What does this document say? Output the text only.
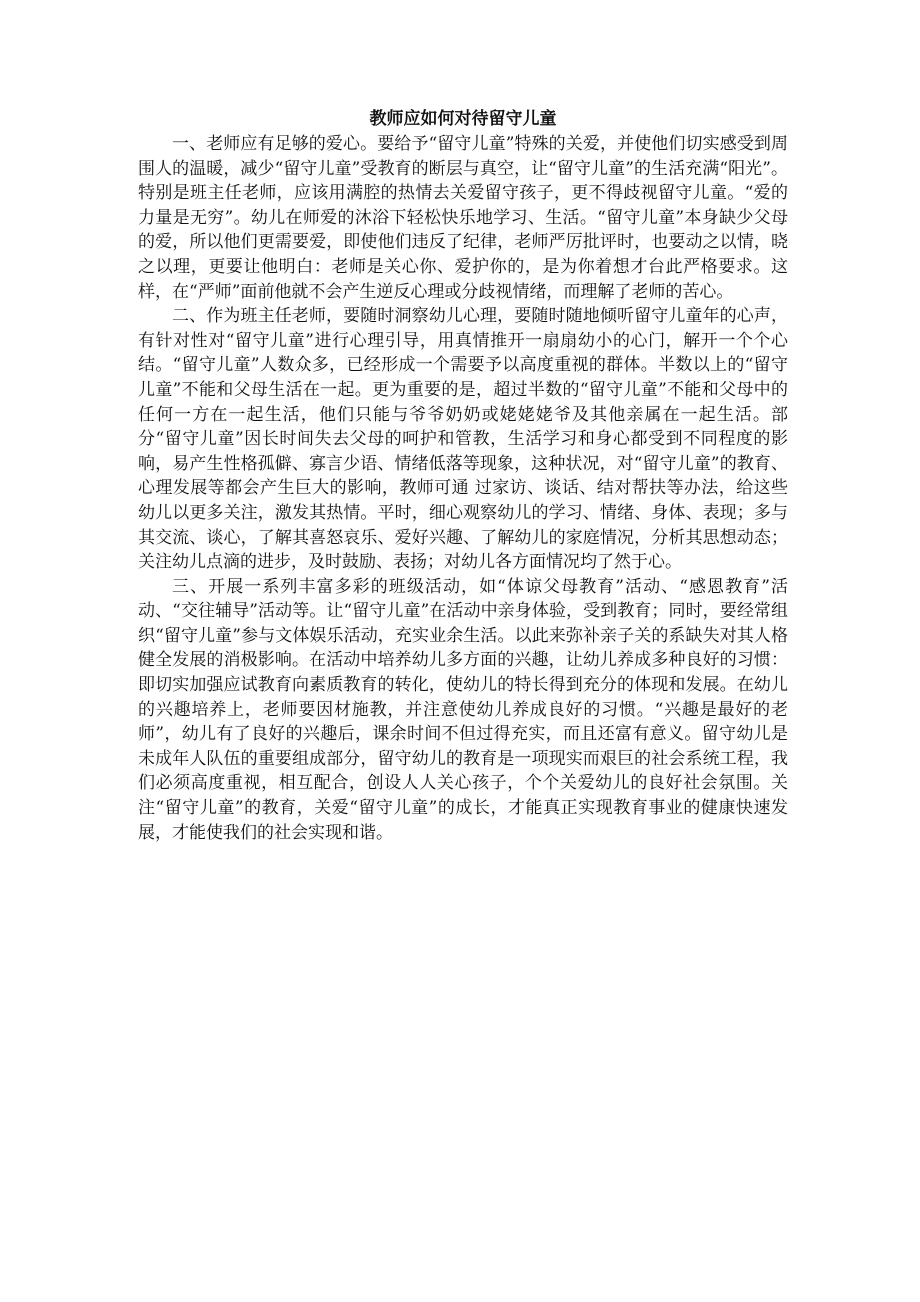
教师应如何对待留守儿童

一、老师应有足够的爱心。要给予“留守儿童”特殊的关爱，并使他们切实感受到周围人的温暖，减少“留守儿童”受教育的断层与真空，让“留守儿童”的生活充满“阳光”。特别是班主任老师，应该用满腔的热情去关爱留守孩子，更不得歧视留守儿童。“爱的力量是无穷”。幼儿在师爱的沐浴下轻松快乐地学习、生活。“留守儿童”本身缺少父母的爱，所以他们更需要爱，即使他们违反了纪律，老师严厉批评时，也要动之以情，晓之以理，更要让他明白：老师是关心你、爱护你的，是为你着想才台此严格要求。这样，在“严师”面前他就不会产生逆反心理或分歧视情绪，而理解了老师的苦心。

二、作为班主任老师，要随时洞察幼儿心理，要随时随地倾听留守儿童年的心声，有针对性对“留守儿童”进行心理引导，用真情推开一扇扇幼小的心门，解开一个个心结。“留守儿童”人数众多，已经形成一个需要予以高度重视的群体。半数以上的“留守儿童”不能和父母生活在一起。更为重要的是，超过半数的“留守儿童”不能和父母中的任何一方在一起生活，他们只能与爷爷奶奶或姥姥姥爷及其他亲属在一起生活。部分“留守儿童”因长时间失去父母的呵护和管教，生活学习和身心都受到不同程度的影响，易产生性格孤僻、寡言少语、情绪低落等现象，这种状况，对“留守儿童”的教育、心理发展等都会产生巨大的影响，教师可通 过家访、谈话、结对帮扶等办法，给这些幼儿以更多关注，激发其热情。平时，细心观察幼儿的学习、情绪、身体、表现；多与其交流、谈心，了解其喜怒哀乐、爱好兴趣、了解幼儿的家庭情况，分析其思想动态；关注幼儿点滴的进步，及时鼓励、表扬；对幼儿各方面情况均了然于心。

三、开展一系列丰富多彩的班级活动，如“体谅父母教育”活动、“感恩教育”活动、“交往辅导”活动等。让“留守儿童”在活动中亲身体验，受到教育；同时，要经常组织“留守儿童”参与文体娱乐活动，充实业余生活。以此来弥补亲子关的系缺失对其人格健全发展的消极影响。在活动中培养幼儿多方面的兴趣，让幼儿养成多种良好的习惯：即切实加强应试教育向素质教育的转化，使幼儿的特长得到充分的体现和发展。在幼儿的兴趣培养上，老师要因材施教，并注意使幼儿养成良好的习惯。“兴趣是最好的老师”，幼儿有了良好的兴趣后，课余时间不但过得充实，而且还富有意义。留守幼儿是未成年人队伍的重要组成部分，留守幼儿的教育是一项现实而艰巨的社会系统工程，我们必须高度重视，相互配合，创设人人关心孩子，个个关爱幼儿的良好社会氛围。关注“留守儿童”的教育，关爱“留守儿童”的成长，才能真正实现教育事业的健康快速发展，才能使我们的社会实现和谐。
